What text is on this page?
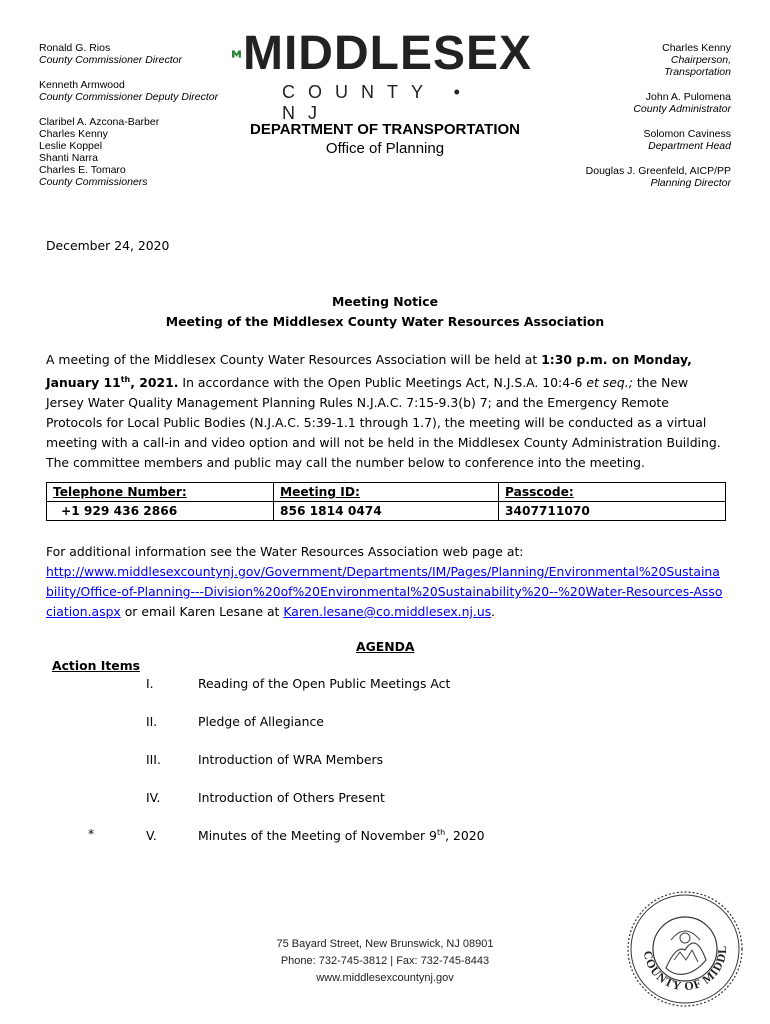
Ronald G. Rios
County Commissioner Director
Kenneth Armwood
County Commissioner Deputy Director
Claribel A. Azcona-Barber
Charles Kenny
Leslie Koppel
Shanti Narra
Charles E. Tomaro
County Commissioners
MIDDLESEX
COUNTY • NJ
DEPARTMENT OF TRANSPORTATION
Office of Planning
Charles Kenny
Chairperson,
Transportation
John A. Pulomena
County Administrator
Solomon Caviness
Department Head
Douglas J. Greenfeld, AICP/PP
Planning Director
December 24, 2020
Meeting Notice
Meeting of the Middlesex County Water Resources Association
A meeting of the Middlesex County Water Resources Association will be held at 1:30 p.m. on Monday, January 11th, 2021. In accordance with the Open Public Meetings Act, N.J.S.A. 10:4-6 et seq.; the New Jersey Water Quality Management Planning Rules N.J.A.C. 7:15-9.3(b) 7; and the Emergency Remote Protocols for Local Public Bodies (N.J.A.C. 5:39-1.1 through 1.7), the meeting will be conducted as a virtual meeting with a call-in and video option and will not be held in the Middlesex County Administration Building. The committee members and public may call the number below to conference into the meeting.
Telephone Number:	Meeting ID:	Passcode:
+1 929 436 2866	856 1814 0474	3407711070
For additional information see the Water Resources Association web page at:
http://www.middlesexcountynj.gov/Government/Departments/IM/Pages/Planning/Environmental%20Sustainability/Office-of-Planning---Division%20of%20Environmental%20Sustainability%20--%20Water-Resources-Association.aspx or email Karen Lesane at Karen.lesane@co.middlesex.nj.us.
AGENDA
Action Items
I.	Reading of the Open Public Meetings Act
II.	Pledge of Allegiance
III.	Introduction of WRA Members
IV.	Introduction of Others Present
*	V.	Minutes of the Meeting of November 9th, 2020
75 Bayard Street, New Brunswick, NJ 08901
Phone: 732-745-3812 | Fax: 732-745-8443
www.middlesexcountynj.gov
COUNTY OF MIDDL
